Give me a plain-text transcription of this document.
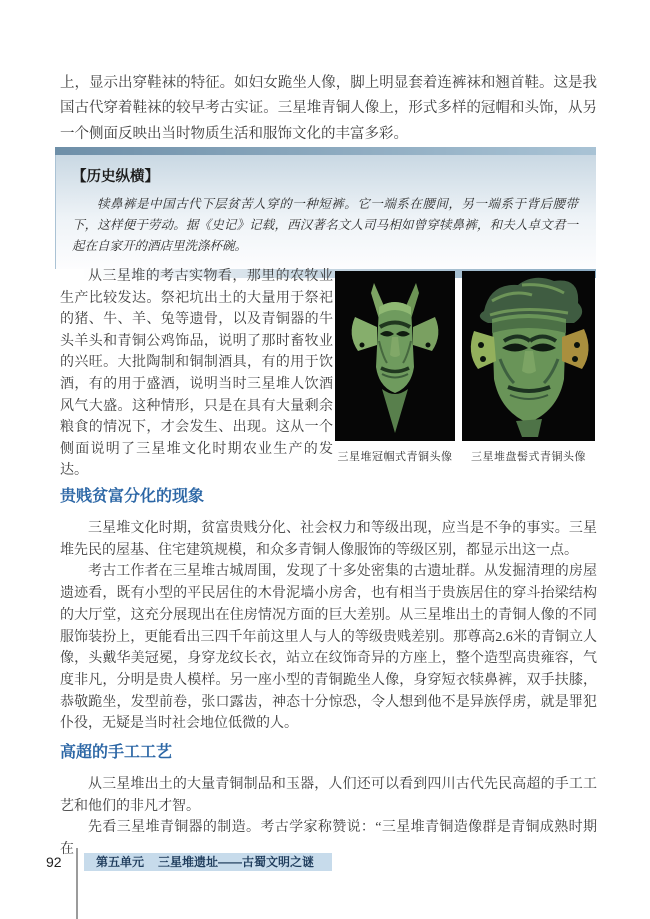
上，显示出穿鞋袜的特征。如妇女跪坐人像，脚上明显套着连裤袜和翘首鞋。这是我国古代穿着鞋袜的较早考古实证。三星堆青铜人像上，形式多样的冠帽和头饰，从另一个侧面反映出当时物质生活和服饰文化的丰富多彩。

【历史纵横】

犊鼻裤是中国古代下层贫苦人穿的一种短裤。它一端系在腰间，另一端系于背后腰带下，这样便于劳动。据《史记》记载，西汉著名文人司马相如曾穿犊鼻裤，和夫人卓文君一起在自家开的酒店里洗涤杯碗。

从三星堆的考古实物看，那里的农牧业生产比较发达。祭祀坑出土的大量用于祭祀的猪、牛、羊、兔等遗骨，以及青铜器的牛头羊头和青铜公鸡饰品，说明了那时畜牧业的兴旺。大批陶制和铜制酒具，有的用于饮酒，有的用于盛酒，说明当时三星堆人饮酒风气大盛。这种情形，只是在具有大量剩余粮食的情况下，才会发生、出现。这从一个侧面说明了三星堆文化时期农业生产的发达。

三星堆冠帼式青铜头像 三星堆盘髻式青铜头像
贵贱贫富分化的现象

三星堆文化时期，贫富贵贱分化、社会权力和等级出现，应当是不争的事实。三星堆先民的屋基、住宅建筑规模，和众多青铜人像服饰的等级区别，都显示出这一点。

考古工作者在三星堆古城周围，发现了十多处密集的古遗址群。从发掘清理的房屋遗迹看，既有小型的平民居住的木骨泥墙小房舍，也有相当于贵族居住的穿斗抬梁结构的大厅堂，这充分展现出在住房情况方面的巨大差别。从三星堆出土的青铜人像的不同服饰装扮上，更能看出三四千年前这里人与人的等级贵贱差别。那尊高2.6米的青铜立人像，头戴华美冠冕，身穿龙纹长衣，站立在纹饰奇异的方座上，整个造型高贵雍容，气度非凡，分明是贵人模样。另一座小型的青铜跪坐人像，身穿短衣犊鼻裤，双手扶膝，恭敬跪坐，发型前卷，张口露齿，神态十分惊恐，令人想到他不是异族俘虏，就是罪犯仆役，无疑是当时社会地位低微的人。

高超的手工工艺

从三星堆出土的大量青铜制品和玉器，人们还可以看到四川古代先民高超的手工工艺和他们的非凡才智。

先看三星堆青铜器的制造。考古学家称赞说：“三星堆青铜造像群是青铜成熟时期在

92	第五单元 三星堆遗址——古蜀文明之谜
